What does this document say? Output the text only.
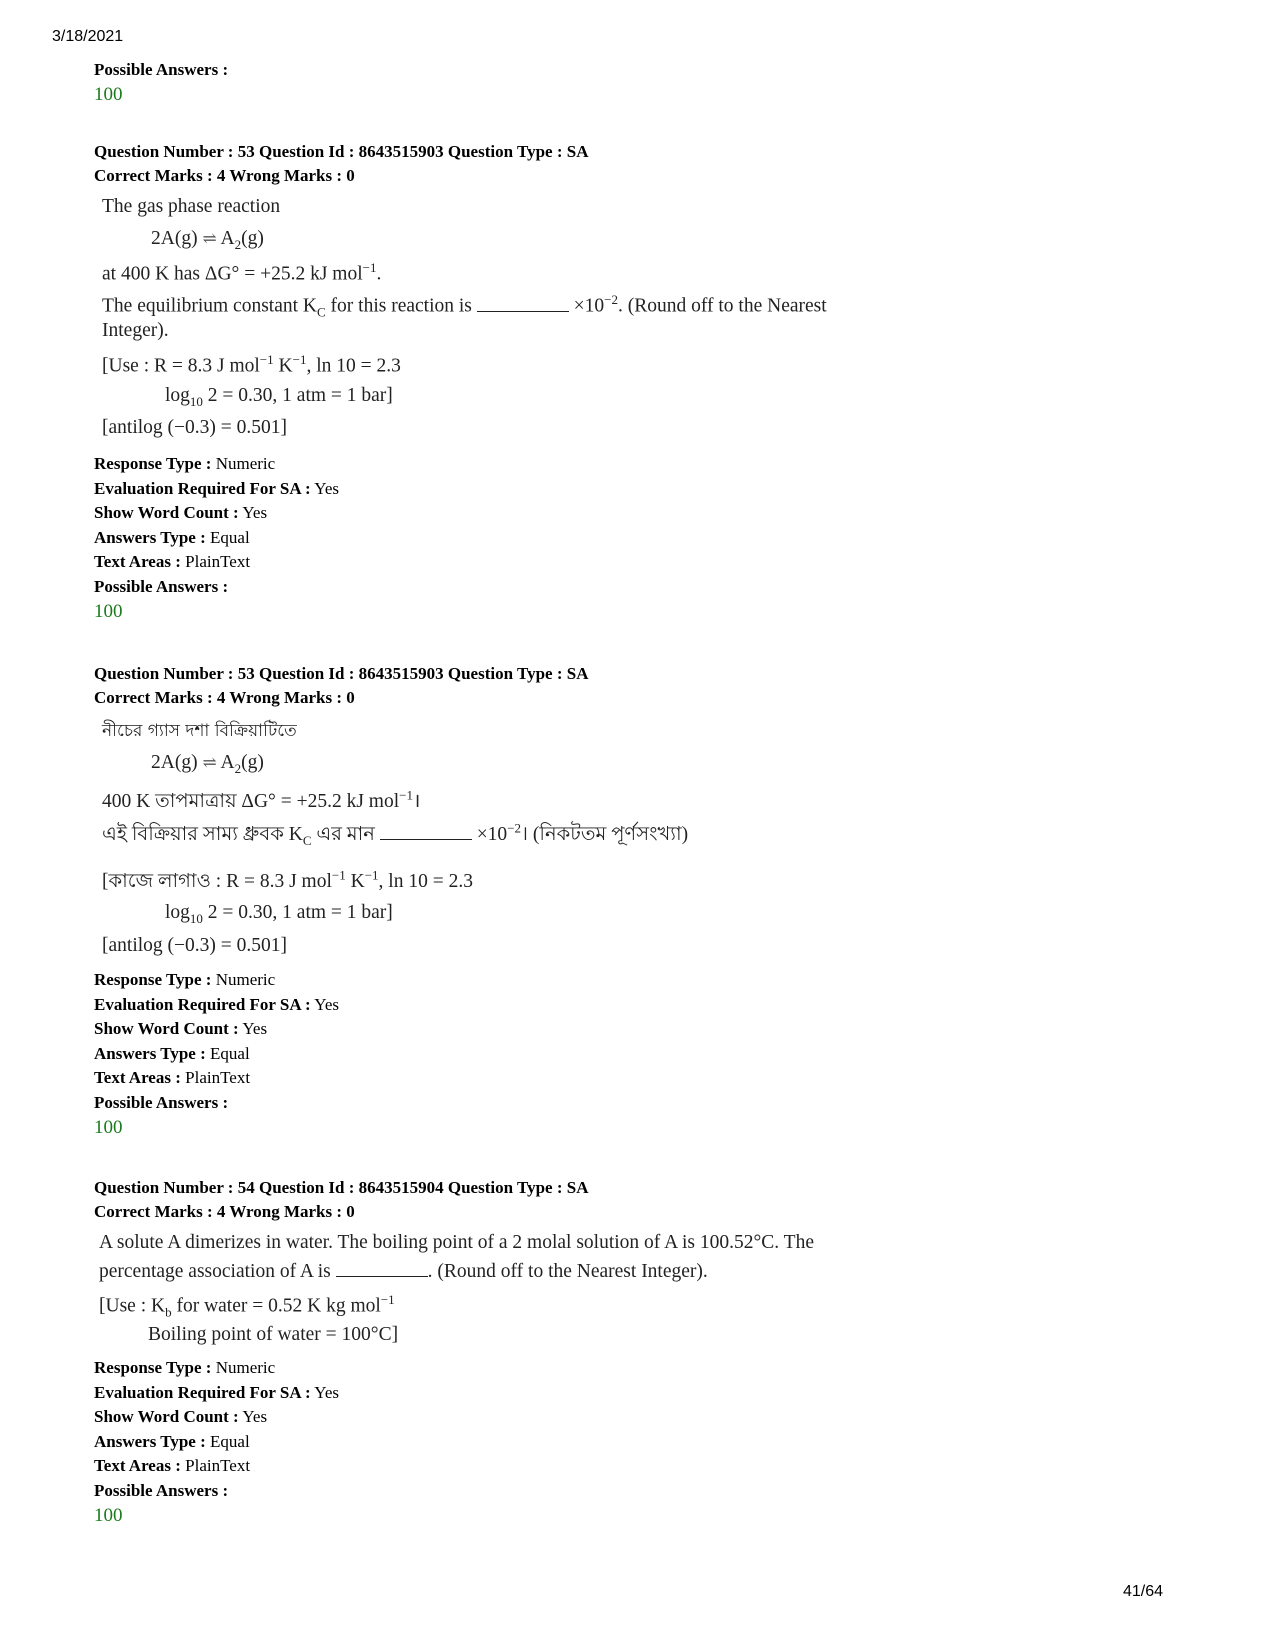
3/18/2021
Possible Answers :
100
Question Number : 53 Question Id : 8643515903 Question Type : SA
Correct Marks : 4 Wrong Marks : 0
The gas phase reaction
2A(g) ⇌ $A_2(g)$
at 400 K has ΔG° = +25.2 kJ mol$^{-1}$.
The equilibrium constant $K_C$ for this reaction is	$\times 10^{-2}$. (Round off to the Nearest
Integer).
[Use : R = 8.3 J mol$^{-1}$ $K^{-1}$, ln 10 = 2.3
$\log_{10} 2 = 0.30$, 1 atm = 1 bar]
[antilog (−0.3) = 0.501]
Response Type : Numeric
Evaluation Required For SA : Yes
Show Word Count : Yes
Answers Type : Equal
Text Areas : PlainText
Possible Answers :
100
Question Number : 53 Question Id : 8643515903 Question Type : SA
Correct Marks : 4 Wrong Marks : 0
নীচের গ্যাস দশা বিক্রিয়াটিতে
2A(g) ⇌ $A_2(g)$
400 K তাপমাত্রায় ΔG° = +25.2 kJ mol$^{-1}$।
এই বিক্রিয়ার সাম্য ধ্রুবক $K_C$ এর মান	$\times 10^{-2}।$ (নিকটতম পূর্ণসংখ্যা)
[কাজে লাগাও : R = 8.3 J mol$^{-1}$ $K^{-1}$, ln 10 = 2.3
$\log_{10} 2 = 0.30$, 1 atm = 1 bar]
[antilog (−0.3) = 0.501]
Response Type : Numeric
Evaluation Required For SA : Yes
Show Word Count : Yes
Answers Type : Equal
Text Areas : PlainText
Possible Answers :
100
Question Number : 54 Question Id : 8643515904 Question Type : SA
Correct Marks : 4 Wrong Marks : 0
A solute A dimerizes in water. The boiling point of a 2 molal solution of A is 100.52°C. The
percentage association of A is	. (Round off to the Nearest Integer).
[Use : $K_b$ for water = 0.52 K kg mol$^{-1}$
Boiling point of water = 100°C]
Response Type : Numeric
Evaluation Required For SA : Yes
Show Word Count : Yes
Answers Type : Equal
Text Areas : PlainText
Possible Answers :
100
41/64
